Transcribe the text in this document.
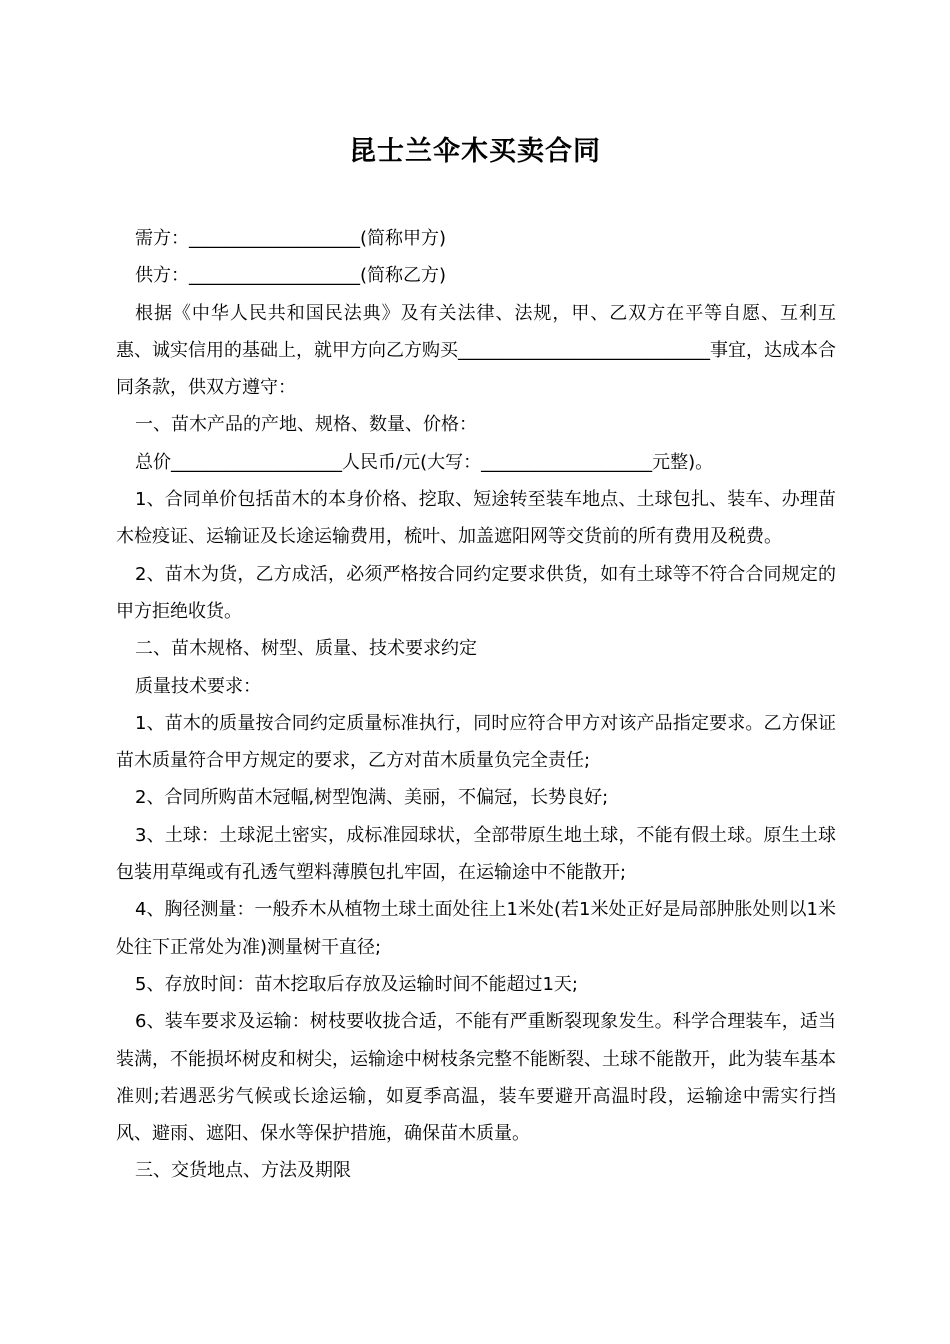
昆士兰伞木买卖合同

需方：___________________(简称甲方)

供方：___________________(简称乙方)

根据《中华人民共和国民法典》及有关法律、法规，甲、乙双方在平等自愿、互利互惠、诚实信用的基础上，就甲方向乙方购买____________________________事宜，达成本合同条款，供双方遵守：

一、苗木产品的产地、规格、数量、价格：

总价___________________人民币/元(大写：___________________元整)。

1、合同单价包括苗木的本身价格、挖取、短途转至装车地点、土球包扎、装车、办理苗木检疫证、运输证及长途运输费用，梳叶、加盖遮阳网等交货前的所有费用及税费。

2、苗木为货，乙方成活，必须严格按合同约定要求供货，如有土球等不符合合同规定的甲方拒绝收货。

二、苗木规格、树型、质量、技术要求约定

质量技术要求：

1、苗木的质量按合同约定质量标准执行，同时应符合甲方对该产品指定要求。乙方保证苗木质量符合甲方规定的要求，乙方对苗木质量负完全责任;

2、合同所购苗木冠幅,树型饱满、美丽，不偏冠，长势良好;

3、土球：土球泥土密实，成标准园球状，全部带原生地土球，不能有假土球。原生土球包装用草绳或有孔透气塑料薄膜包扎牢固，在运输途中不能散开;

4、胸径测量：一般乔木从植物土球土面处往上1米处(若1米处正好是局部肿胀处则以1米处往下正常处为准)测量树干直径;

5、存放时间：苗木挖取后存放及运输时间不能超过1天;

6、装车要求及运输：树枝要收拢合适，不能有严重断裂现象发生。科学合理装车，适当装满，不能损坏树皮和树尖，运输途中树枝条完整不能断裂、土球不能散开，此为装车基本准则;若遇恶劣气候或长途运输，如夏季高温，装车要避开高温时段，运输途中需实行挡风、避雨、遮阳、保水等保护措施，确保苗木质量。

三、交货地点、方法及期限
